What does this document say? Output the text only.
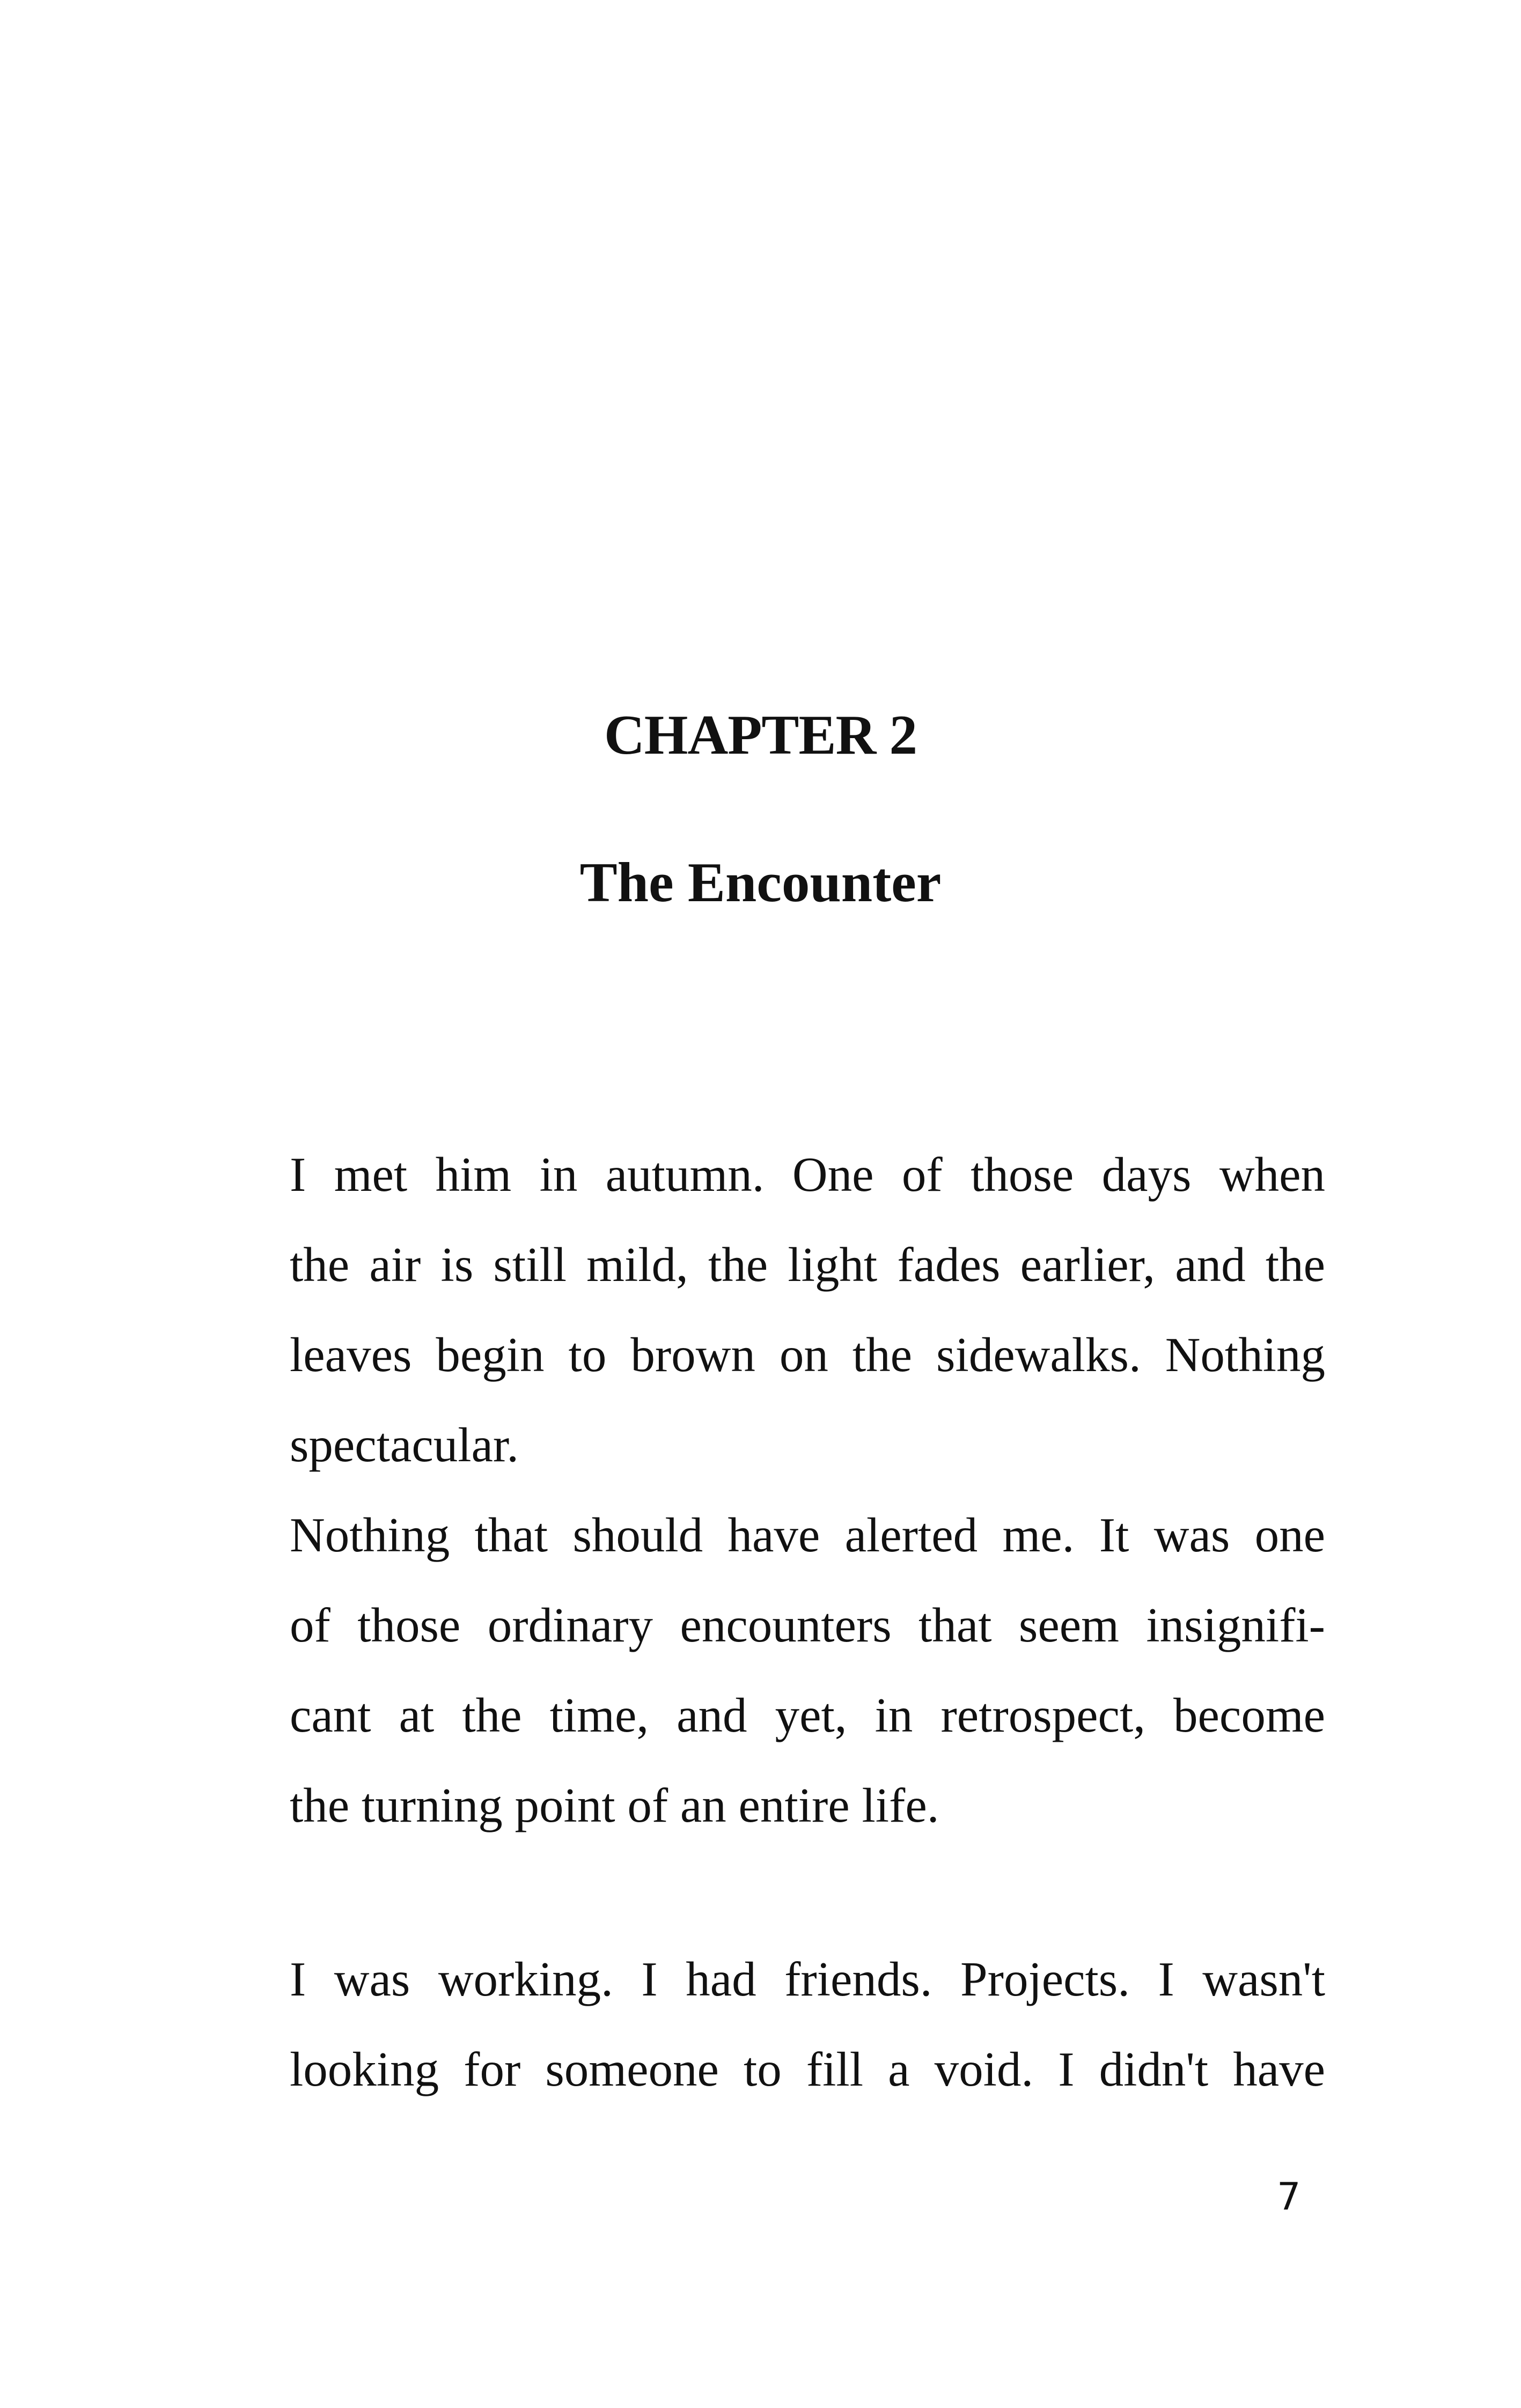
CHAPTER 2
The Encounter
I met him in autumn. One of those days when
the air is still mild, the light fades earlier, and the
leaves begin to brown on the sidewalks. Nothing
spectacular.
Nothing that should have alerted me. It was one
of those ordinary encounters that seem insignifi-
cant at the time, and yet, in retrospect, become
the turning point of an entire life.
I was working. I had friends. Projects. I wasn't
looking for someone to fill a void. I didn't have
7
